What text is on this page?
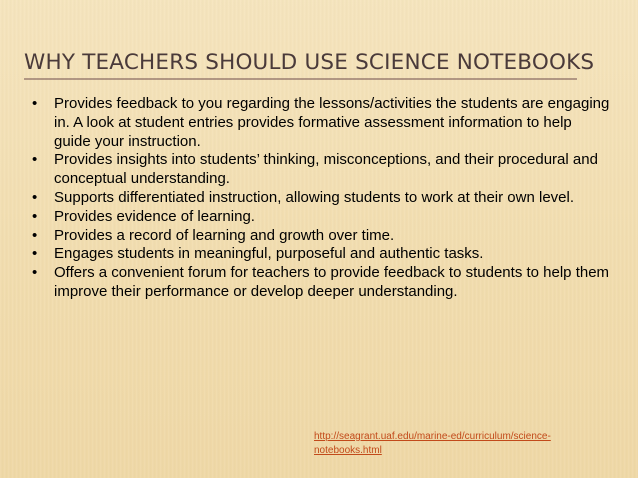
WHY TEACHERS SHOULD USE SCIENCE NOTEBOOKS
• Provides feedback to you regarding the lessons/activities the students are engaging in. A look at student entries provides formative assessment information to help guide your instruction.
• Provides insights into students’ thinking, misconceptions, and their procedural and conceptual understanding.
• Supports differentiated instruction, allowing students to work at their own level.
• Provides evidence of learning.
• Provides a record of learning and growth over time.
• Engages students in meaningful, purposeful and authentic tasks.
• Offers a convenient forum for teachers to provide feedback to students to help them improve their performance or develop deeper understanding.
http://seagrant.uaf.edu/marine-ed/curriculum/science-notebooks.html
